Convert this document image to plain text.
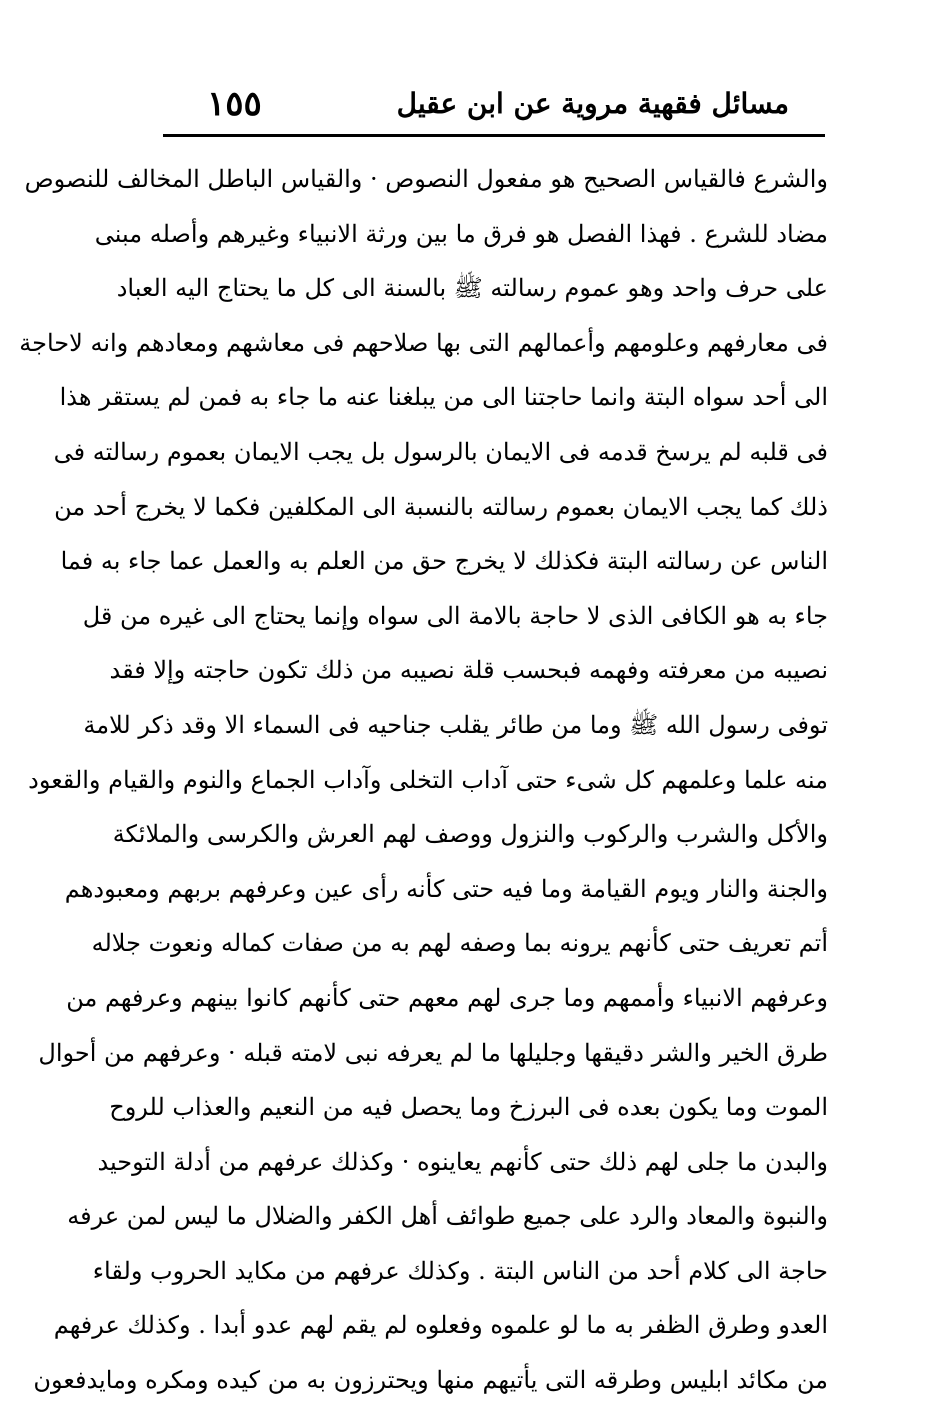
١٥٥	مسائل فقهية مروية عن ابن عقيل
والشرع فالقياس الصحيح هو مفعول النصوص · والقياس الباطل المخالف للنصوص
مضاد للشرع . فهذا الفصل هو فرق ما بين ورثة الانبياء وغيرهم وأصله مبنى
على حرف واحد وهو عموم رسالته ﷺ بالسنة الى كل ما يحتاج اليه العباد
فى معارفهم وعلومهم وأعمالهم التى بها صلاحهم فى معاشهم ومعادهم وانه لاحاجة
الى أحد سواه البتة وانما حاجتنا الى من يبلغنا عنه ما جاء به فمن لم يستقر هذا
فى قلبه لم يرسخ قدمه فى الايمان بالرسول بل يجب الايمان بعموم رسالته فى
ذلك كما يجب الايمان بعموم رسالته بالنسبة الى المكلفين فكما لا يخرج أحد من
الناس عن رسالته البتة فكذلك لا يخرج حق من العلم به والعمل عما جاء به فما
جاء به هو الكافى الذى لا حاجة بالامة الى سواه وإنما يحتاج الى غيره من قل
نصيبه من معرفته وفهمه فبحسب قلة نصيبه من ذلك تكون حاجته وإلا فقد
توفى رسول الله ﷺ وما من طائر يقلب جناحيه فى السماء الا وقد ذكر للامة
منه علما وعلمهم كل شىء حتى آداب التخلى وآداب الجماع والنوم والقيام والقعود
والأكل والشرب والركوب والنزول ووصف لهم العرش والكرسى والملائكة
والجنة والنار ويوم القيامة وما فيه حتى كأنه رأى عين وعرفهم بربهم ومعبودهم
أتم تعريف حتى كأنهم يرونه بما وصفه لهم به من صفات كماله ونعوت جلاله
وعرفهم الانبياء وأممهم وما جرى لهم معهم حتى كأنهم كانوا بينهم وعرفهم من
طرق الخير والشر دقيقها وجليلها ما لم يعرفه نبى لامته قبله · وعرفهم من أحوال
الموت وما يكون بعده فى البرزخ وما يحصل فيه من النعيم والعذاب للروح
والبدن ما جلى لهم ذلك حتى كأنهم يعاينوه · وكذلك عرفهم من أدلة التوحيد
والنبوة والمعاد والرد على جميع طوائف أهل الكفر والضلال ما ليس لمن عرفه
حاجة الى كلام أحد من الناس البتة . وكذلك عرفهم من مكايد الحروب ولقاء
العدو وطرق الظفر به ما لو علموه وفعلوه لم يقم لهم عدو أبدا . وكذلك عرفهم
من مكائد ابليس وطرقه التى يأتيهم منها ويحترزون به من كيده ومكره ومايدفعون
